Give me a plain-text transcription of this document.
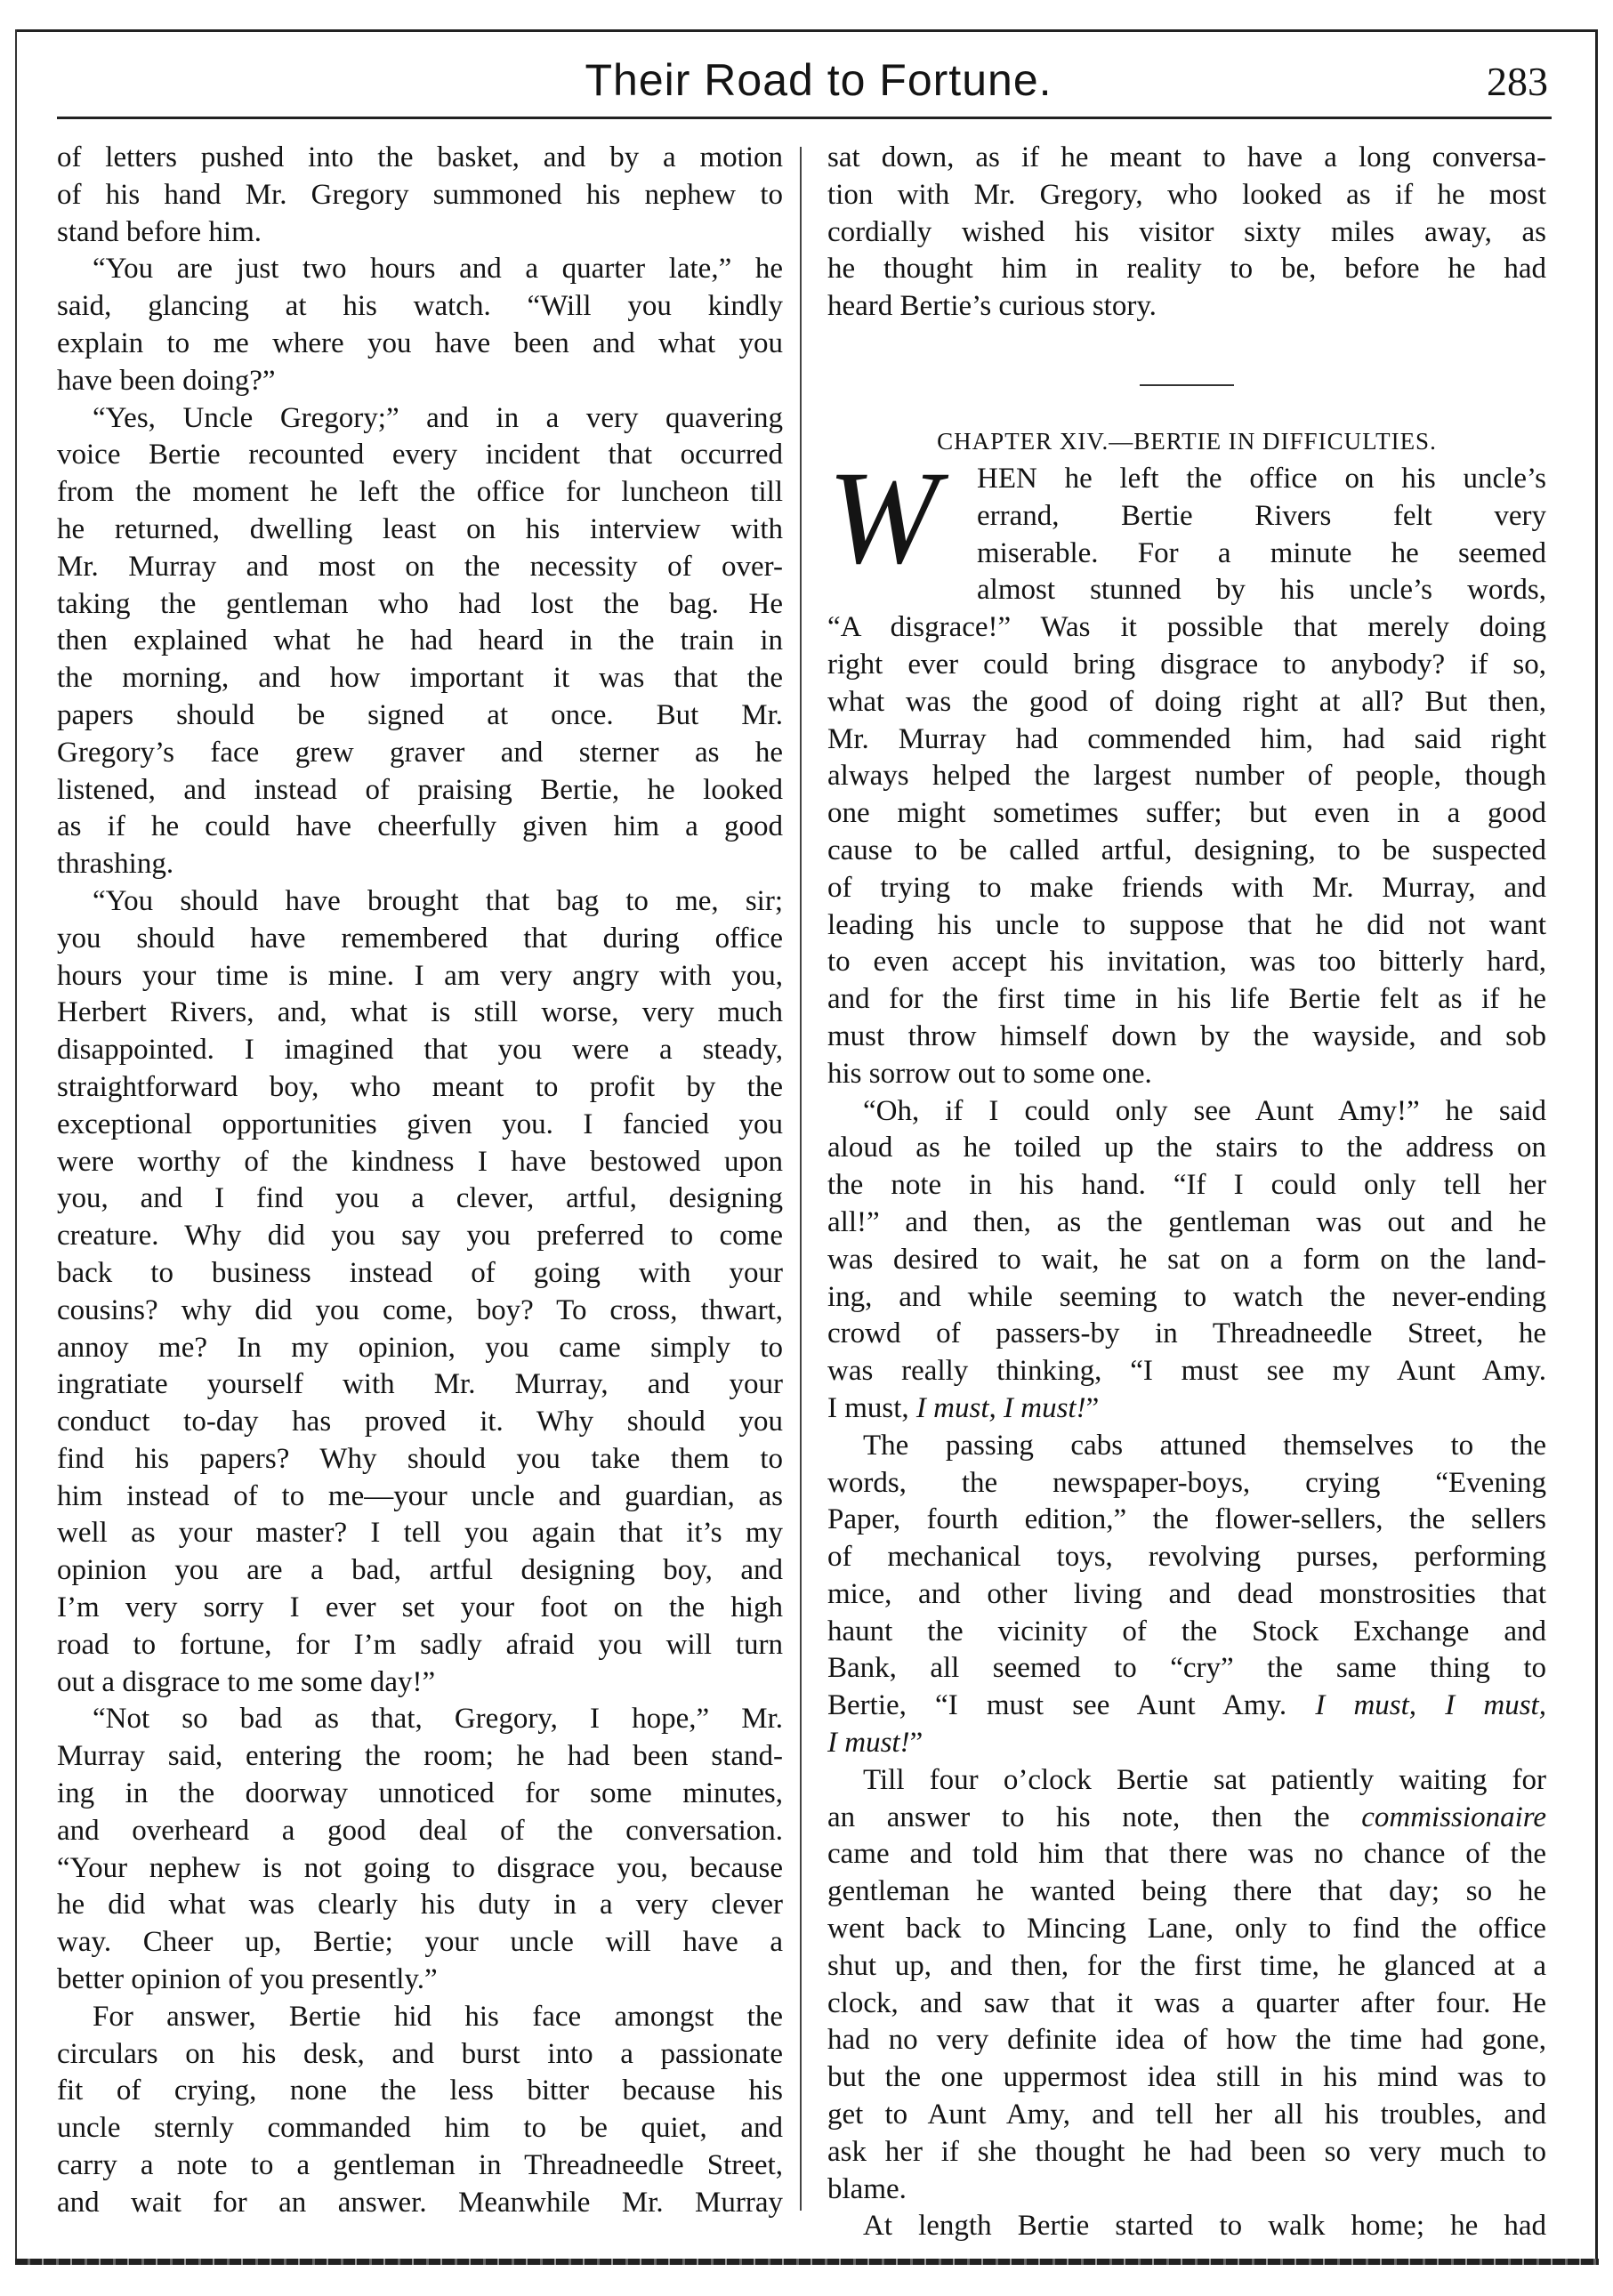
Their Road to Fortune.	283
of letters pushed into the basket, and by a motion
of his hand Mr. Gregory summoned his nephew to
stand before him.
“You are just two hours and a quarter late,” he
said, glancing at his watch. “Will you kindly
explain to me where you have been and what you
have been doing?”
“Yes, Uncle Gregory;” and in a very quavering
voice Bertie recounted every incident that occurred
from the moment he left the office for luncheon till
he returned, dwelling least on his interview with
Mr. Murray and most on the necessity of over-
taking the gentleman who had lost the bag. He
then explained what he had heard in the train in
the morning, and how important it was that the
papers should be signed at once. But Mr.
Gregory’s face grew graver and sterner as he
listened, and instead of praising Bertie, he looked
as if he could have cheerfully given him a good
thrashing.
“You should have brought that bag to me, sir;
you should have remembered that during office
hours your time is mine. I am very angry with you,
Herbert Rivers, and, what is still worse, very much
disappointed. I imagined that you were a steady,
straightforward boy, who meant to profit by the
exceptional opportunities given you. I fancied you
were worthy of the kindness I have bestowed upon
you, and I find you a clever, artful, designing
creature. Why did you say you preferred to come
back to business instead of going with your
cousins? why did you come, boy? To cross, thwart,
annoy me? In my opinion, you came simply to
ingratiate yourself with Mr. Murray, and your
conduct to-day has proved it. Why should you
find his papers? Why should you take them to
him instead of to me—your uncle and guardian, as
well as your master? I tell you again that it’s my
opinion you are a bad, artful designing boy, and
I’m very sorry I ever set your foot on the high
road to fortune, for I’m sadly afraid you will turn
out a disgrace to me some day!”
“Not so bad as that, Gregory, I hope,” Mr.
Murray said, entering the room; he had been stand-
ing in the doorway unnoticed for some minutes,
and overheard a good deal of the conversation.
“Your nephew is not going to disgrace you, because
he did what was clearly his duty in a very clever
way. Cheer up, Bertie; your uncle will have a
better opinion of you presently.”
For answer, Bertie hid his face amongst the
circulars on his desk, and burst into a passionate
fit of crying, none the less bitter because his
uncle sternly commanded him to be quiet, and
carry a note to a gentleman in Threadneedle Street,
and wait for an answer. Meanwhile Mr. Murray
sat down, as if he meant to have a long conversa-
tion with Mr. Gregory, who looked as if he most
cordially wished his visitor sixty miles away, as
he thought him in reality to be, before he had
heard Bertie’s curious story.
CHAPTER XIV.—BERTIE IN DIFFICULTIES.
W	HEN he left the office on his uncle’s
errand, Bertie Rivers felt very
miserable. For a minute he seemed
almost stunned by his uncle’s words,
“A disgrace!” Was it possible that merely doing
right ever could bring disgrace to anybody? if so,
what was the good of doing right at all? But then,
Mr. Murray had commended him, had said right
always helped the largest number of people, though
one might sometimes suffer; but even in a good
cause to be called artful, designing, to be suspected
of trying to make friends with Mr. Murray, and
leading his uncle to suppose that he did not want
to even accept his invitation, was too bitterly hard,
and for the first time in his life Bertie felt as if he
must throw himself down by the wayside, and sob
his sorrow out to some one.
“Oh, if I could only see Aunt Amy!” he said
aloud as he toiled up the stairs to the address on
the note in his hand. “If I could only tell her
all!” and then, as the gentleman was out and he
was desired to wait, he sat on a form on the land-
ing, and while seeming to watch the never-ending
crowd of passers-by in Threadneedle Street, he
was really thinking, “I must see my Aunt Amy.
I must, I must, I must!”
The passing cabs attuned themselves to the
words, the newspaper-boys, crying “Evening
Paper, fourth edition,” the flower-sellers, the sellers
of mechanical toys, revolving purses, performing
mice, and other living and dead monstrosities that
haunt the vicinity of the Stock Exchange and
Bank, all seemed to “cry” the same thing to
Bertie, “I must see Aunt Amy. I must, I must,
I must!”
Till four o’clock Bertie sat patiently waiting for
an answer to his note, then the commissionaire
came and told him that there was no chance of the
gentleman he wanted being there that day; so he
went back to Mincing Lane, only to find the office
shut up, and then, for the first time, he glanced at a
clock, and saw that it was a quarter after four. He
had no very definite idea of how the time had gone,
but the one uppermost idea still in his mind was to
get to Aunt Amy, and tell her all his troubles, and
ask her if she thought he had been so very much to
blame.
At length Bertie started to walk home; he had
